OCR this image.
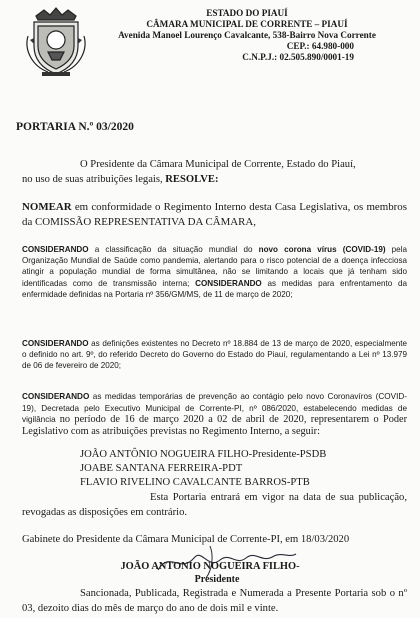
ESTADO DO PIAUÍ
CÂMARA MUNICIPAL DE CORRENTE – PIAUÍ
Avenida Manoel Lourenço Cavalcante, 538-Bairro Nova Corrente
CEP.: 64.980-000
C.N.P.J.: 02.505.890/0001-19
PORTARIA N.º 03/2020
O Presidente da Câmara Municipal de Corrente, Estado do Piauí,
no uso de suas atribuições legais, RESOLVE:
NOMEAR em conformidade o Regimento Interno desta Casa Legislativa, os membros da COMISSÃO REPRESENTATIVA DA CÂMARA,
CONSIDERANDO a classificação da situação mundial do novo corona vírus (COVID-19) pela Organização Mundial de Saúde como pandemia, alertando para o risco potencial de a doença infecciosa atingir a população mundial de forma simultânea, não se limitando a locais que já tenham sido identificadas como de transmissão interna; CONSIDERANDO as medidas para enfrentamento da enfermidade definidas na Portaria nº 356/GM/MS, de 11 de março de 2020;
CONSIDERANDO as definições existentes no Decreto nº 18.884 de 13 de março de 2020, especialmente o definido no art. 9º, do referido Decreto do Governo do Estado do Piauí, regulamentando a Lei nº 13.979 de 06 de fevereiro de 2020;
CONSIDERANDO as medidas temporárias de prevenção ao contágio pelo novo Coronavíros (COVID-19), Decretada pelo Executivo Municipal de Corrente-PI, nº 086/2020, estabelecendo medidas de vigilância no período de 16 de março 2020 a 02 de abril de 2020, representarem o Poder Legislativo com as atribuições previstas no Regimento Interno, a seguir:
JOÃO ANTÔNIO NOGUEIRA FILHO-Presidente-PSDB
JOABE SANTANA FERREIRA-PDT
FLAVIO RIVELINO CAVALCANTE BARROS-PTB
Esta Portaria entrará em vigor na data de sua publicação, revogadas as disposições em contrário.
Gabinete do Presidente da Câmara Municipal de Corrente-PI, em 18/03/2020
JOÃO ANTONIO NOGUEIRA FILHO-
Presidente
Sancionada, Publicada, Registrada e Numerada a Presente Portaria sob o nº 03, dezoito dias do mês de março do ano de dois mil e vinte.
